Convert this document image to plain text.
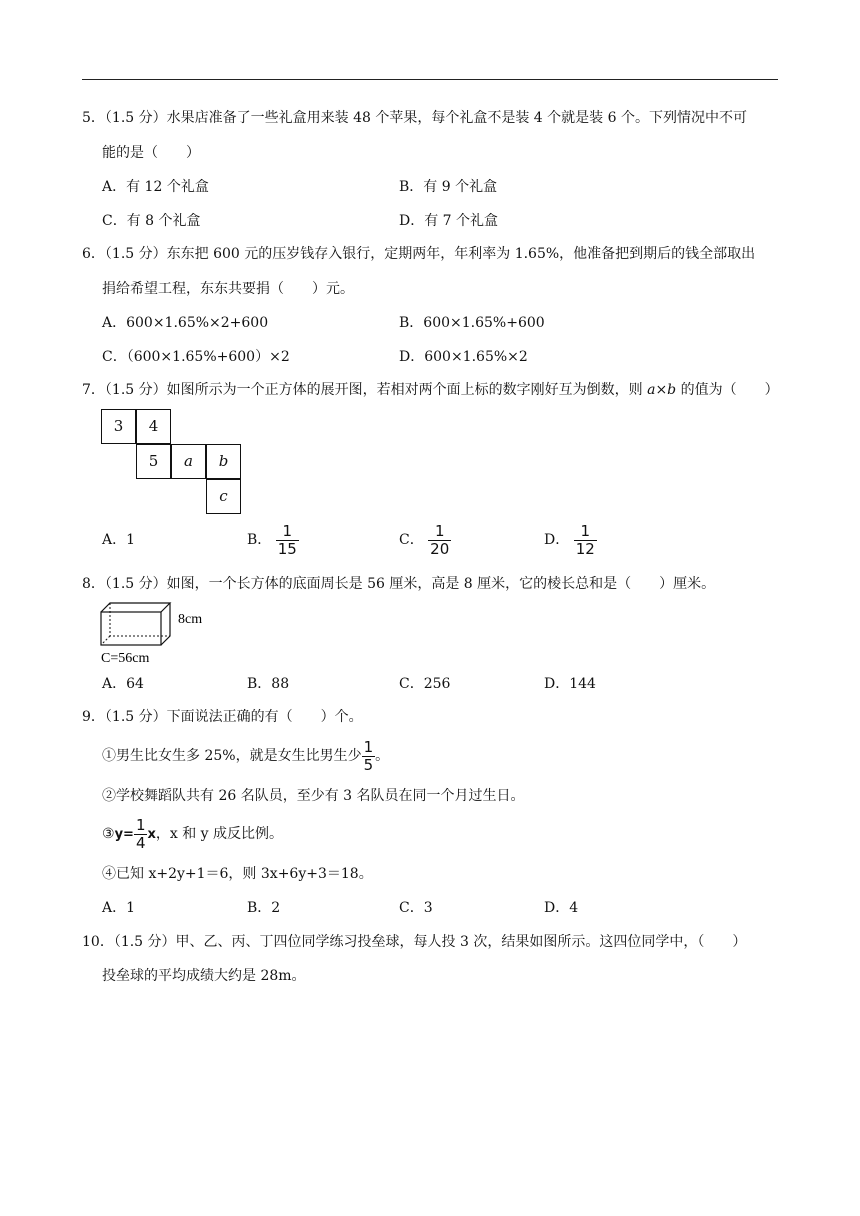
5．（1.5 分）水果店准备了一些礼盒用来装 48 个苹果，每个礼盒不是装 4 个就是装 6 个。下列情况中不可
能的是（　　）
A．有 12 个礼盒	B．有 9 个礼盒
C．有 8 个礼盒	D．有 7 个礼盒
6．（1.5 分）东东把 600 元的压岁钱存入银行，定期两年，年利率为 1.65%，他准备把到期后的钱全部取出
捐给希望工程，东东共要捐（　　）元。
A．600×1.65%×2+600	B．600×1.65%+600
C．（600×1.65%+600）×2	D．600×1.65%×2
7．（1.5 分）如图所示为一个正方体的展开图，若相对两个面上标的数字刚好互为倒数，则 a×b 的值为（　　）
3	4
5	a	b
c
A．1	B． $\frac{1}{15}$	C． $\frac{1}{20}$	D． $\frac{1}{12}$
8．（1.5 分）如图，一个长方体的底面周长是 56 厘米，高是 8 厘米，它的棱长总和是（　　）厘米。
8cm
C=56cm
A．64	B．88	C．256	D．144
9．（1.5 分）下面说法正确的有（　　）个。
①男生比女生多 25%，就是女生比男生少 $\frac{1}{5}$ 。
②学校舞蹈队共有 26 名队员，至少有 3 名队员在同一个月过生日。
③y= $\frac{1}{4}$ x，x 和 y 成反比例。
④已知 x+2y+1＝6，则 3x+6y+3＝18。
A．1	B．2	C．3	D．4
10．（1.5 分）甲、乙、丙、丁四位同学练习投垒球，每人投 3 次，结果如图所示。这四位同学中，（　　）
投垒球的平均成绩大约是 28m。
